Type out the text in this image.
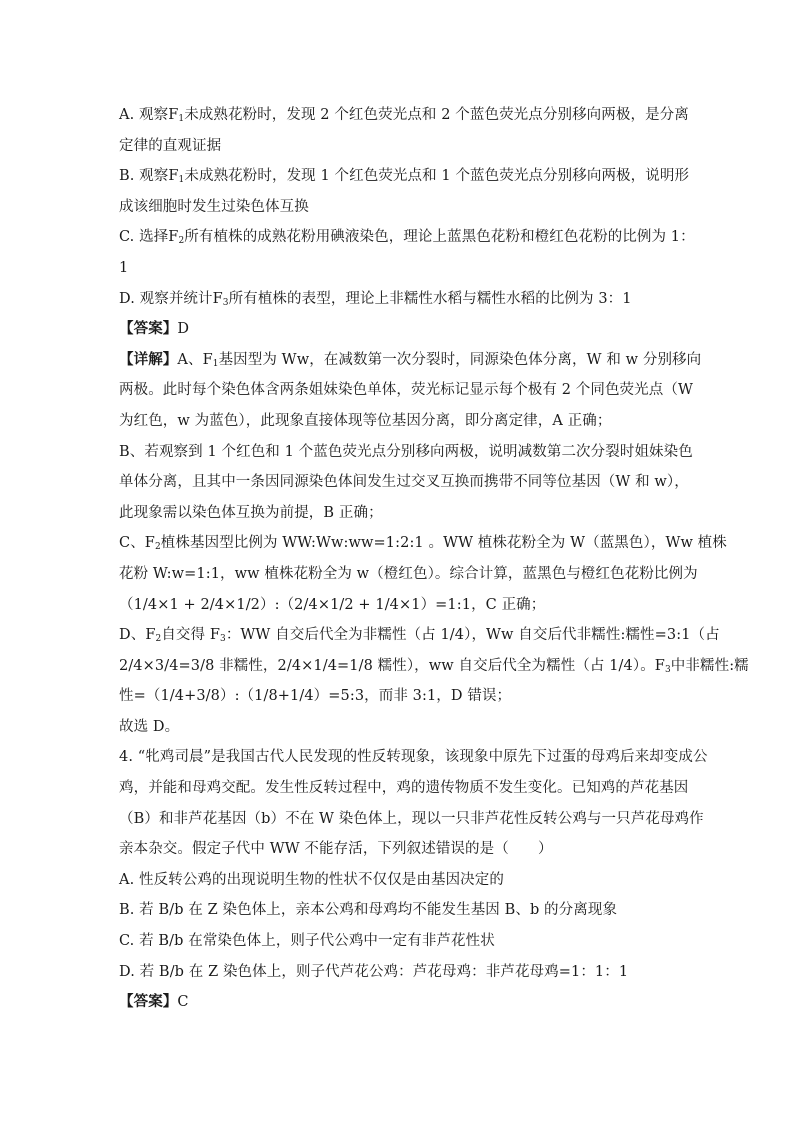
A. 观察$F_1$未成熟花粉时，发现 2 个红色荧光点和 2 个蓝色荧光点分别移向两极，是分离
定律的直观证据
B. 观察$F_1$未成熟花粉时，发现 1 个红色荧光点和 1 个蓝色荧光点分别移向两极，说明形
成该细胞时发生过染色体互换
C. 选择$F_2$所有植株的成熟花粉用碘液染色，理论上蓝黑色花粉和橙红色花粉的比例为 1：
1
D. 观察并统计$F_3$所有植株的表型，理论上非糯性水稻与糯性水稻的比例为 3：1
【答案】D
【详解】A、$F_1$基因型为 Ww，在减数第一次分裂时，同源染色体分离，W 和 w 分别移向
两极。此时每个染色体含两条姐妹染色单体，荧光标记显示每个极有 2 个同色荧光点（W
为红色，w 为蓝色），此现象直接体现等位基因分离，即分离定律，A 正确；
B、若观察到 1 个红色和 1 个蓝色荧光点分别移向两极，说明减数第二次分裂时姐妹染色
单体分离，且其中一条因同源染色体间发生过交叉互换而携带不同等位基因（W 和 w），
此现象需以染色体互换为前提，B 正确；
C、$F_2$植株基因型比例为 WW:Ww:ww=1:2:1 。WW 植株花粉全为 W（蓝黑色），Ww 植株
花粉 W:w=1:1，ww 植株花粉全为 w（橙红色）。综合计算，蓝黑色与橙红色花粉比例为
（1/4×1 + 2/4×1/2）:（2/4×1/2 + 1/4×1）=1:1，C 正确；
D、$F_2$自交得 $F_3$：WW 自交后代全为非糯性（占 1/4），Ww 自交后代非糯性:糯性=3:1（占
2/4×3/4=3/8 非糯性，2/4×1/4=1/8 糯性），ww 自交后代全为糯性（占 1/4）。$F_3$中非糯性:糯
性=（1/4+3/8）:（1/8+1/4）=5:3，而非 3:1，D 错误；
故选 D。
4. “牝鸡司晨”是我国古代人民发现的性反转现象，该现象中原先下过蛋的母鸡后来却变成公
鸡，并能和母鸡交配。发生性反转过程中，鸡的遗传物质不发生变化。已知鸡的芦花基因
（B）和非芦花基因（b）不在 W 染色体上，现以一只非芦花性反转公鸡与一只芦花母鸡作
亲本杂交。假定子代中 WW 不能存活，下列叙述错误的是（　　）
A. 性反转公鸡的出现说明生物的性状不仅仅是由基因决定的
B. 若 B/b 在 Z 染色体上，亲本公鸡和母鸡均不能发生基因 B、b 的分离现象
C. 若 B/b 在常染色体上，则子代公鸡中一定有非芦花性状
D. 若 B/b 在 Z 染色体上，则子代芦花公鸡：芦花母鸡：非芦花母鸡=1：1：1
【答案】C
